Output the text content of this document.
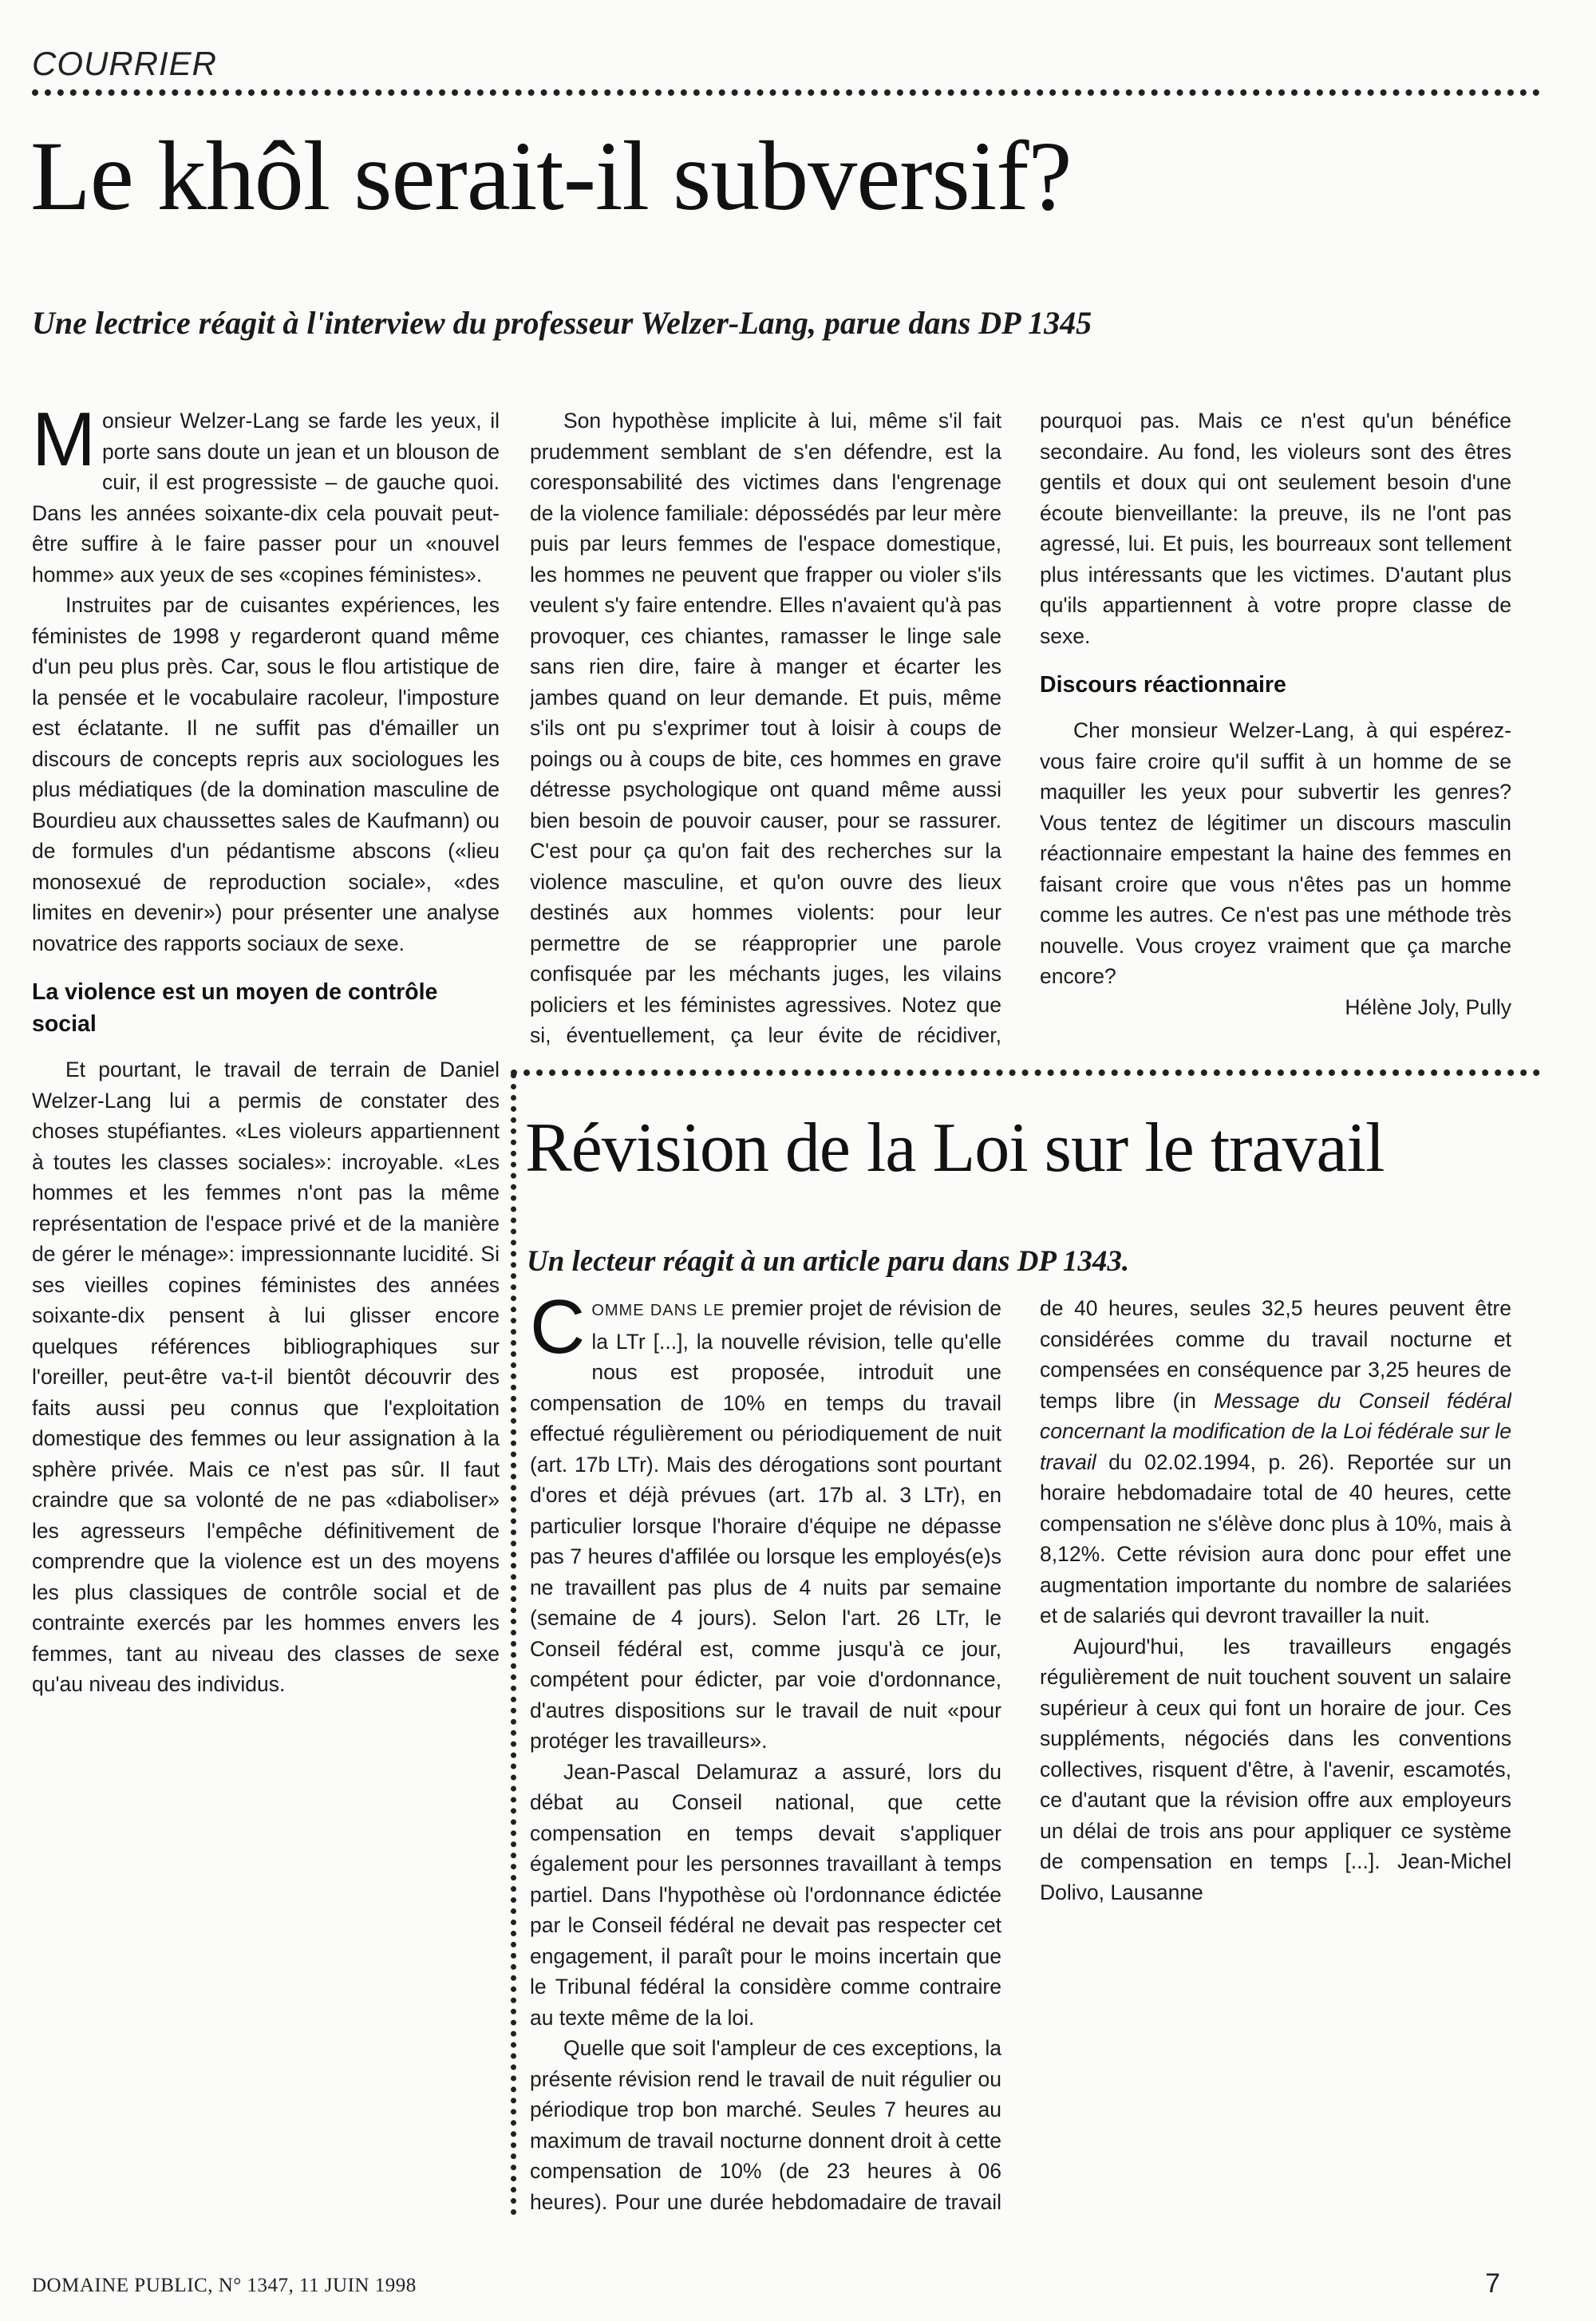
COURRIER
Le khôl serait-il subversif?

Une lectrice réagit à l'interview du professeur Welzer-Lang, parue dans DP 1345

Monsieur Welzer-Lang se farde les yeux, il porte sans doute un jean et un blouson de cuir, il est progressiste – de gauche quoi. Dans les années soixante-dix cela pouvait peut-être suffire à le faire passer pour un «nouvel homme» aux yeux de ses «copines féministes».

Instruites par de cuisantes expériences, les féministes de 1998 y regarderont quand même d'un peu plus près. Car, sous le flou artistique de la pensée et le vocabulaire racoleur, l'imposture est éclatante. Il ne suffit pas d'émailler un discours de concepts repris aux sociologues les plus médiatiques (de la domination masculine de Bourdieu aux chaussettes sales de Kaufmann) ou de formules d'un pédantisme abscons («lieu monosexué de reproduction sociale», «des limites en devenir») pour présenter une analyse novatrice des rapports sociaux de sexe.

La violence est un moyen de contrôle social

Et pourtant, le travail de terrain de Daniel Welzer-Lang lui a permis de constater des choses stupéfiantes. «Les violeurs appartiennent à toutes les classes sociales»: incroyable. «Les hommes et les femmes n'ont pas la même représentation de l'espace privé et de la manière de gérer le ménage»: impressionnante lucidité. Si ses vieilles copines féministes des années soixante-dix pensent à lui glisser encore quelques références bibliographiques sur l'oreiller, peut-être va-t-il bientôt découvrir des faits aussi peu connus que l'exploitation domestique des femmes ou leur assignation à la sphère privée. Mais ce n'est pas sûr. Il faut craindre que sa volonté de ne pas «diaboliser» les agresseurs l'empêche définitivement de comprendre que la violence est un des moyens les plus classiques de contrôle social et de contrainte exercés par les hommes envers les femmes, tant au niveau des classes de sexe qu'au niveau des individus.

Son hypothèse implicite à lui, même s'il fait prudemment semblant de s'en défendre, est la coresponsabilité des victimes dans l'engrenage de la violence familiale: dépossédés par leur mère puis par leurs femmes de l'espace domestique, les hommes ne peuvent que frapper ou violer s'ils veulent s'y faire entendre. Elles n'avaient qu'à pas provoquer, ces chiantes, ramasser le linge sale sans rien dire, faire à manger et écarter les jambes quand on leur demande. Et puis, même s'ils ont pu s'exprimer tout à loisir à coups de poings ou à coups de bite, ces hommes en grave détresse psychologique ont quand même aussi bien besoin de pouvoir causer, pour se rassurer. C'est pour ça qu'on fait des recherches sur la violence masculine, et qu'on ouvre des lieux destinés aux hommes violents: pour leur permettre de se réapproprier une parole confisquée par les méchants juges, les vilains policiers et les féministes agressives. Notez que si, éventuellement, ça leur évite de récidiver, pourquoi pas. Mais ce n'est qu'un bénéfice secondaire. Au fond, les violeurs sont des êtres gentils et doux qui ont seulement besoin d'une écoute bienveillante: la preuve, ils ne l'ont pas agressé, lui. Et puis, les bourreaux sont tellement plus intéressants que les victimes. D'autant plus qu'ils appartiennent à votre propre classe de sexe.

Discours réactionnaire

Cher monsieur Welzer-Lang, à qui espérez-vous faire croire qu'il suffit à un homme de se maquiller les yeux pour subvertir les genres? Vous tentez de légitimer un discours masculin réactionnaire empestant la haine des femmes en faisant croire que vous n'êtes pas un homme comme les autres. Ce n'est pas une méthode très nouvelle. Vous croyez vraiment que ça marche encore?

Hélène Joly, Pully

Révision de la Loi sur le travail

Un lecteur réagit à un article paru dans DP 1343.

COMME DANS LE premier projet de révision de la LTr [...], la nouvelle révision, telle qu'elle nous est proposée, introduit une compensation de 10% en temps du travail effectué régulièrement ou périodiquement de nuit (art. 17b LTr). Mais des dérogations sont pourtant d'ores et déjà prévues (art. 17b al. 3 LTr), en particulier lorsque l'horaire d'équipe ne dépasse pas 7 heures d'affilée ou lorsque les employés(e)s ne travaillent pas plus de 4 nuits par semaine (semaine de 4 jours). Selon l'art. 26 LTr, le Conseil fédéral est, comme jusqu'à ce jour, compétent pour édicter, par voie d'ordonnance, d'autres dispositions sur le travail de nuit «pour protéger les travailleurs».

Jean-Pascal Delamuraz a assuré, lors du débat au Conseil national, que cette compensation en temps devait s'appliquer également pour les personnes travaillant à temps partiel. Dans l'hypothèse où l'ordonnance édictée par le Conseil fédéral ne devait pas respecter cet engagement, il paraît pour le moins incertain que le Tribunal fédéral la considère comme contraire au texte même de la loi.

Quelle que soit l'ampleur de ces exceptions, la présente révision rend le travail de nuit régulier ou périodique trop bon marché. Seules 7 heures au maximum de travail nocturne donnent droit à cette compensation de 10% (de 23 heures à 06 heures). Pour une durée hebdomadaire de travail de 40 heures, seules 32,5 heures peuvent être considérées comme du travail nocturne et compensées en conséquence par 3,25 heures de temps libre (in Message du Conseil fédéral concernant la modification de la Loi fédérale sur le travail du 02.02.1994, p. 26). Reportée sur un horaire hebdomadaire total de 40 heures, cette compensation ne s'élève donc plus à 10%, mais à 8,12%. Cette révision aura donc pour effet une augmentation importante du nombre de salariées et de salariés qui devront travailler la nuit.

Aujourd'hui, les travailleurs engagés régulièrement de nuit touchent souvent un salaire supérieur à ceux qui font un horaire de jour. Ces suppléments, négociés dans les conventions collectives, risquent d'être, à l'avenir, escamotés, ce d'autant que la révision offre aux employeurs un délai de trois ans pour appliquer ce système de compensation en temps [...]. Jean-Michel Dolivo, Lausanne

DOMAINE PUBLIC, N° 1347, 11 JUIN 1998	7
